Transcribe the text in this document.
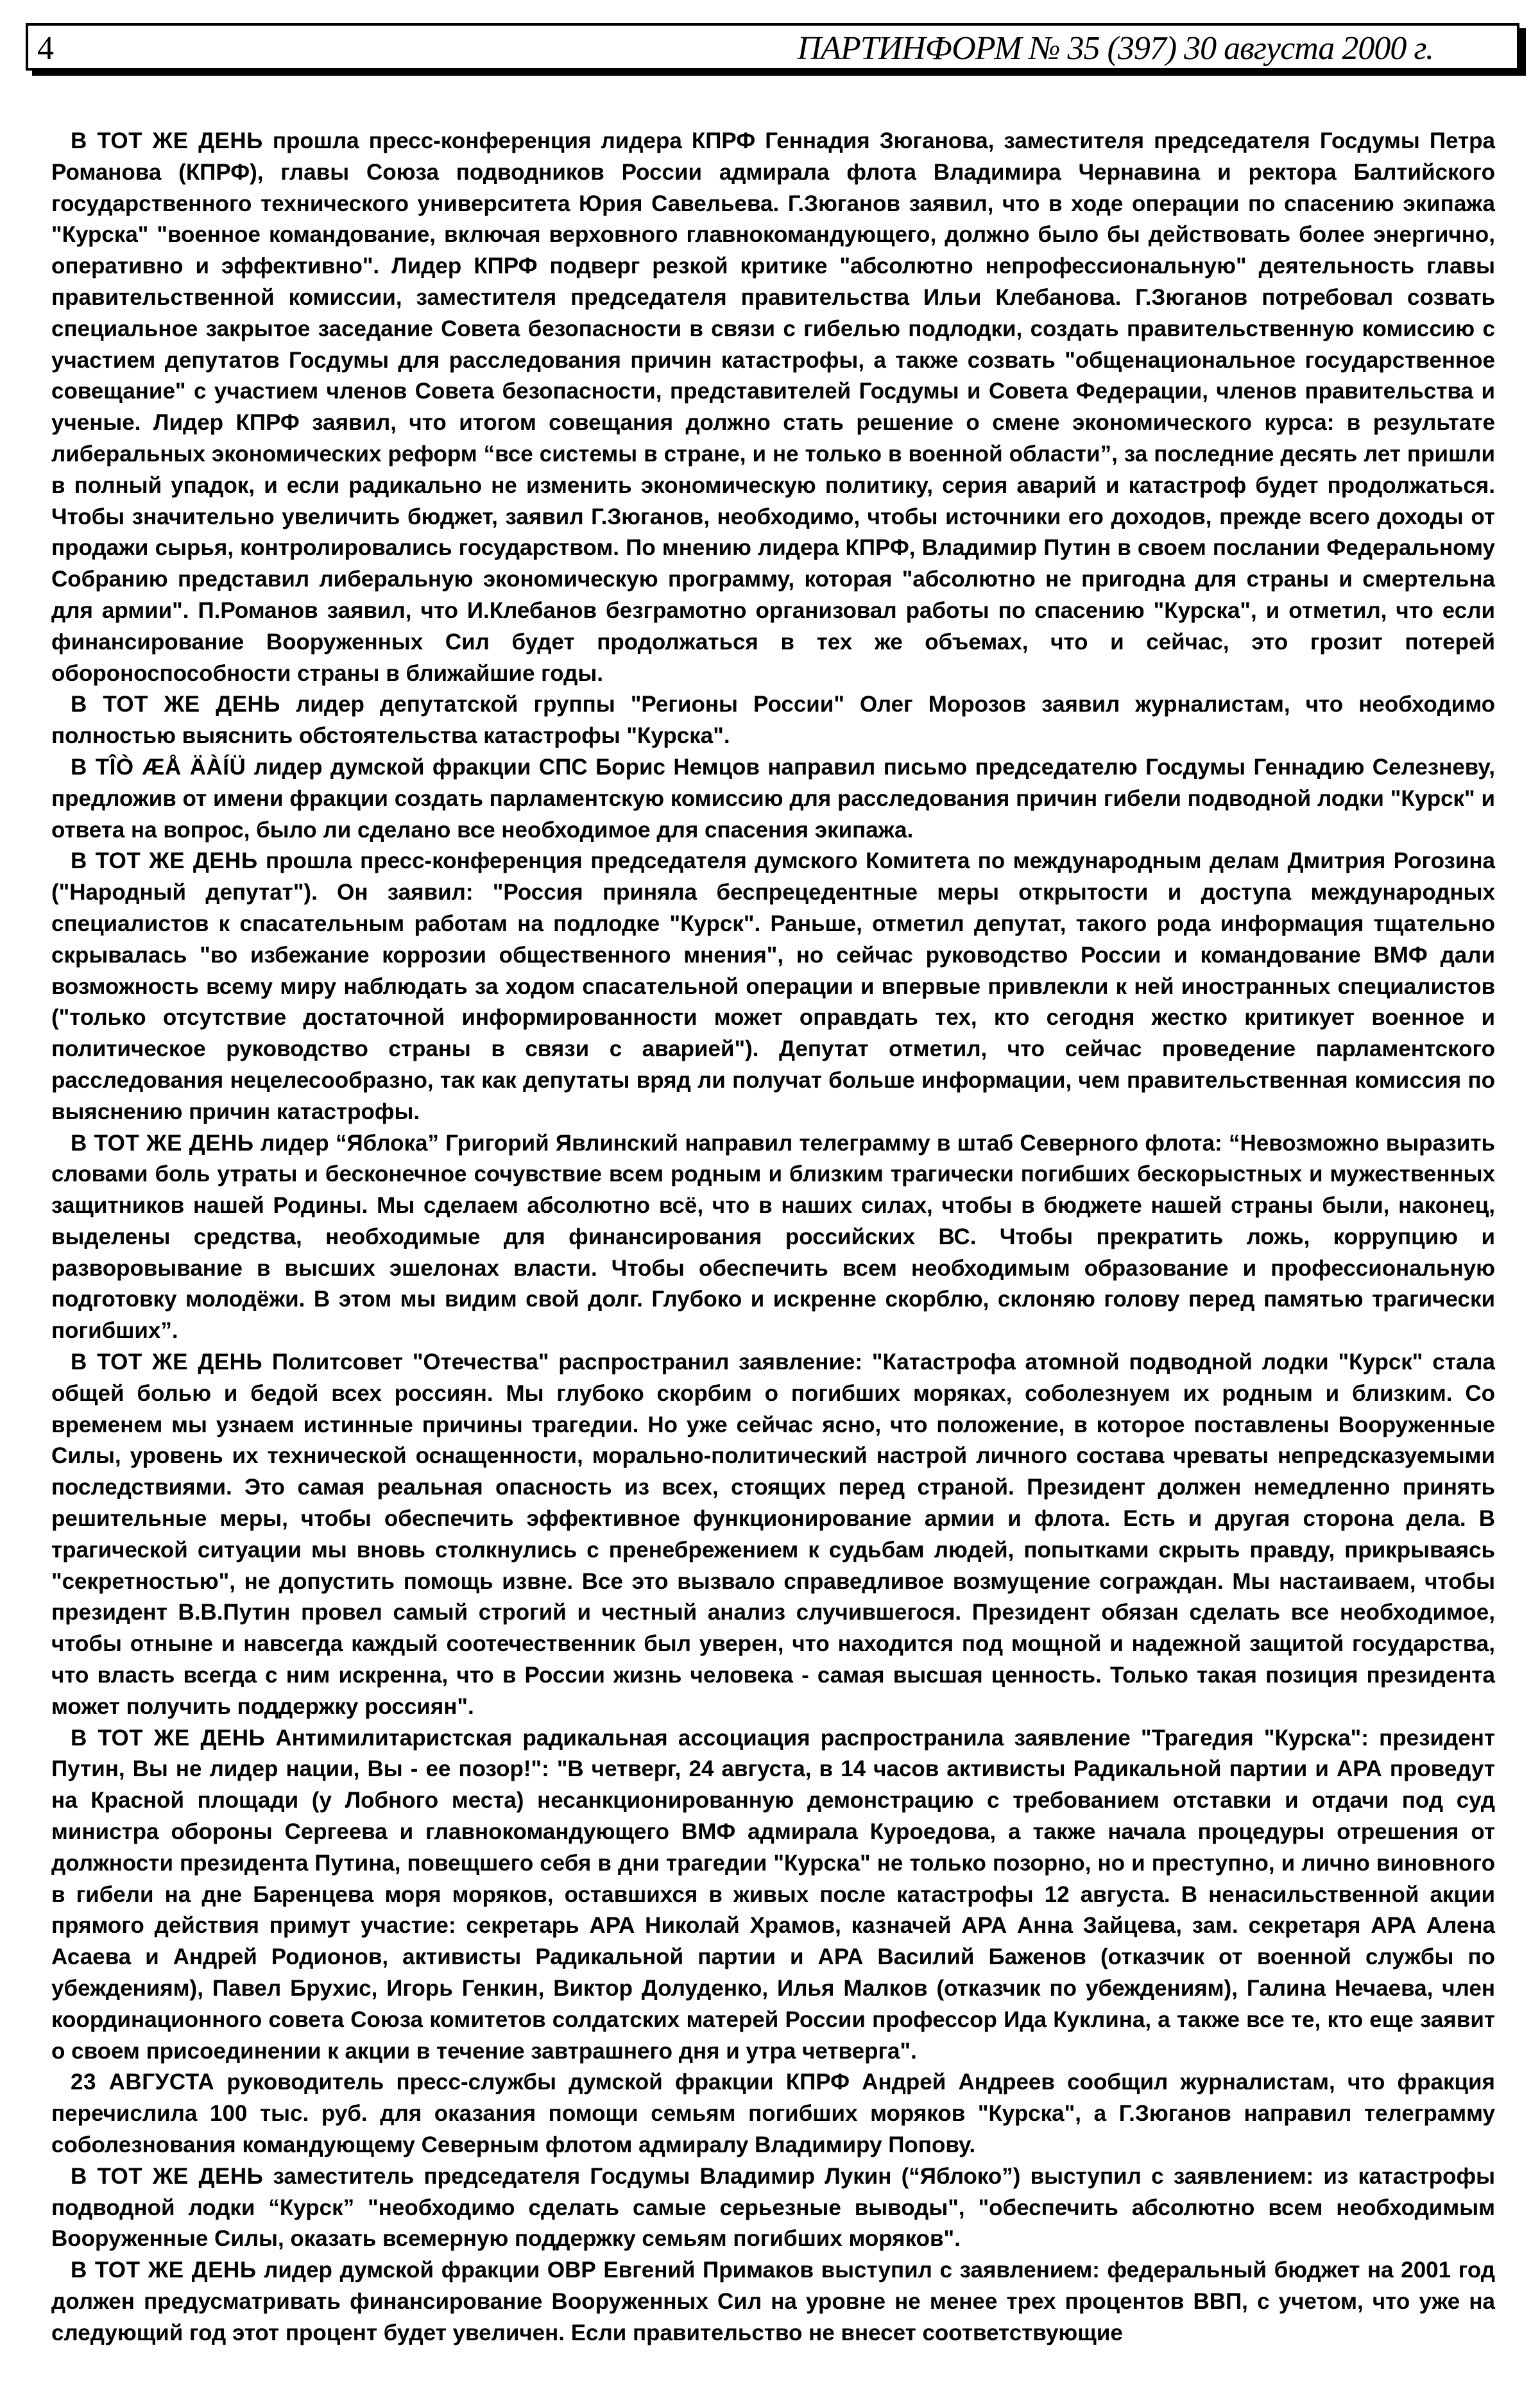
4	ПАРТИНФОРМ № 35 (397) 30 августа 2000 г.

В ТОТ ЖЕ ДЕНЬ прошла пресс-конференция лидера КПРФ Геннадия Зюганова, заместителя председателя Госдумы Петра Романова (КПРФ), главы Союза подводников России адмирала флота Владимира Чернавина и ректора Балтийского государственного технического университета Юрия Савельева. Г.Зюганов заявил, что в ходе операции по спасению экипажа "Курска" "военное командование, включая верховного главнокомандующего, должно было бы действовать более энергично, оперативно и эффективно". Лидер КПРФ подверг резкой критике "абсолютно непрофессиональную" деятельность главы правительственной комиссии, заместителя председателя правительства Ильи Клебанова. Г.Зюганов потребовал созвать специальное закрытое заседание Совета безопасности в связи с гибелью подлодки, создать правительственную комиссию с участием депутатов Госдумы для расследования причин катастрофы, а также созвать "общенациональное государственное совещание" с участием членов Совета безопасности, представителей Госдумы и Совета Федерации, членов правительства и ученые. Лидер КПРФ заявил, что итогом совещания должно стать решение о смене экономического курса: в результате либеральных экономических реформ “все системы в стране, и не только в военной области”, за последние десять лет пришли в полный упадок, и если радикально не изменить экономическую политику, серия аварий и катастроф будет продолжаться. Чтобы значительно увеличить бюджет, заявил Г.Зюганов, необходимо, чтобы источники его доходов, прежде всего доходы от продажи сырья, контролировались государством. По мнению лидера КПРФ, Владимир Путин в своем послании Федеральному Собранию представил либеральную экономическую программу, которая "абсолютно не пригодна для страны и смертельна для армии". П.Романов заявил, что И.Клебанов безграмотно организовал работы по спасению "Курска", и отметил, что если финансирование Вооруженных Сил будет продолжаться в тех же объемах, что и сейчас, это грозит потерей обороноспособности страны в ближайшие годы.

В ТОТ ЖЕ ДЕНЬ лидер депутатской группы "Регионы России" Олег Морозов заявил журналистам, что необходимо полностью выяснить обстоятельства катастрофы "Курска".

В TÎÒ ÆÅ ÄÀÍÜ лидер думской фракции СПС Борис Немцов направил письмо председателю Госдумы Геннадию Селезневу, предложив от имени фракции создать парламентскую комиссию для расследования причин гибели подводной лодки "Курск" и ответа на вопрос, было ли сделано все необходимое для спасения экипажа.

В ТОТ ЖЕ ДЕНЬ прошла пресс-конференция председателя думского Комитета по международным делам Дмитрия Рогозина ("Народный депутат"). Он заявил: "Россия приняла беспрецедентные меры открытости и доступа международных специалистов к спасательным работам на подлодке "Курск". Раньше, отметил депутат, такого рода информация тщательно скрывалась "во избежание коррозии общественного мнения", но сейчас руководство России и командование ВМФ дали возможность всему миру наблюдать за ходом спасательной операции и впервые привлекли к ней иностранных специалистов ("только отсутствие достаточной информированности может оправдать тех, кто сегодня жестко критикует военное и политическое руководство страны в связи с аварией"). Депутат отметил, что сейчас проведение парламентского расследования нецелесообразно, так как депутаты вряд ли получат больше информации, чем правительственная комиссия по выяснению причин катастрофы.

В ТОТ ЖЕ ДЕНЬ лидер “Яблока” Григорий Явлинский направил телеграмму в штаб Северного флота: “Невозможно выразить словами боль утраты и бесконечное сочувствие всем родным и близким трагически погибших бескорыстных и мужественных защитников нашей Родины. Мы сделаем абсолютно всё, что в наших силах, чтобы в бюджете нашей страны были, наконец, выделены средства, необходимые для финансирования российских ВС. Чтобы прекратить ложь, коррупцию и разворовывание в высших эшелонах власти. Чтобы обеспечить всем необходимым образование и профессиональную подготовку молодёжи. В этом мы видим свой долг. Глубоко и искренне скорблю, склоняю голову перед памятью трагически погибших”.

В ТОТ ЖЕ ДЕНЬ Политсовет "Отечества" распространил заявление: "Катастрофа атомной подводной лодки "Курск" стала общей болью и бедой всех россиян. Мы глубоко скорбим о погибших моряках, соболезнуем их родным и близким. Со временем мы узнаем истинные причины трагедии. Но уже сейчас ясно, что положение, в которое поставлены Вооруженные Силы, уровень их технической оснащенности, морально-политический настрой личного состава чреваты непредсказуемыми последствиями. Это самая реальная опасность из всех, стоящих перед страной. Президент должен немедленно принять решительные меры, чтобы обеспечить эффективное функционирование армии и флота. Есть и другая сторона дела. В трагической ситуации мы вновь столкнулись с пренебрежением к судьбам людей, попытками скрыть правду, прикрываясь "секретностью", не допустить помощь извне. Все это вызвало справедливое возмущение сограждан. Мы настаиваем, чтобы президент В.В.Путин провел самый строгий и честный анализ случившегося. Президент обязан сделать все необходимое, чтобы отныне и навсегда каждый соотечественник был уверен, что находится под мощной и надежной защитой государства, что власть всегда с ним искренна, что в России жизнь человека - самая высшая ценность. Только такая позиция президента может получить поддержку россиян".

В ТОТ ЖЕ ДЕНЬ Антимилитаристская радикальная ассоциация распространила заявление "Трагедия "Курска": президент Путин, Вы не лидер нации, Вы - ее позор!": "В четверг, 24 августа, в 14 часов активисты Радикальной партии и АРА проведут на Красной площади (у Лобного места) несанкционированную демонстрацию с требованием отставки и отдачи под суд министра обороны Сергеева и главнокомандующего ВМФ адмирала Куроедова, а также начала процедуры отрешения от должности президента Путина, повещшего себя в дни трагедии "Курска" не только позорно, но и преступно, и лично виновного в гибели на дне Баренцева моря моряков, оставшихся в живых после катастрофы 12 августа. В ненасильственной акции прямого действия примут участие: секретарь АРА Николай Храмов, казначей АРА Анна Зайцева, зам. секретаря АРА Алена Асаева и Андрей Родионов, активисты Радикальной партии и АРА Василий Баженов (отказчик от военной службы по убеждениям), Павел Брухис, Игорь Генкин, Виктор Долуденко, Илья Малков (отказчик по убеждениям), Галина Нечаева, член координационного совета Союза комитетов солдатских матерей России профессор Ида Куклина, а также все те, кто еще заявит о своем присоединении к акции в течение завтрашнего дня и утра четверга".

23 АВГУСТА руководитель пресс-службы думской фракции КПРФ Андрей Андреев сообщил журналистам, что фракция перечислила 100 тыс. руб. для оказания помощи семьям погибших моряков "Курска", а Г.Зюганов направил телеграмму соболезнования командующему Северным флотом адмиралу Владимиру Попову.

В ТОТ ЖЕ ДЕНЬ заместитель председателя Госдумы Владимир Лукин (“Яблоко”) выступил с заявлением: из катастрофы подводной лодки “Курск” "необходимо сделать самые серьезные выводы", "обеспечить абсолютно всем необходимым Вооруженные Силы, оказать всемерную поддержку семьям погибших моряков".

В ТОТ ЖЕ ДЕНЬ лидер думской фракции ОВР Евгений Примаков выступил с заявлением: федеральный бюджет на 2001 год должен предусматривать финансирование Вооруженных Сил на уровне не менее трех процентов ВВП, с учетом, что уже на следующий год этот процент будет увеличен. Если правительство не внесет соответствующие
